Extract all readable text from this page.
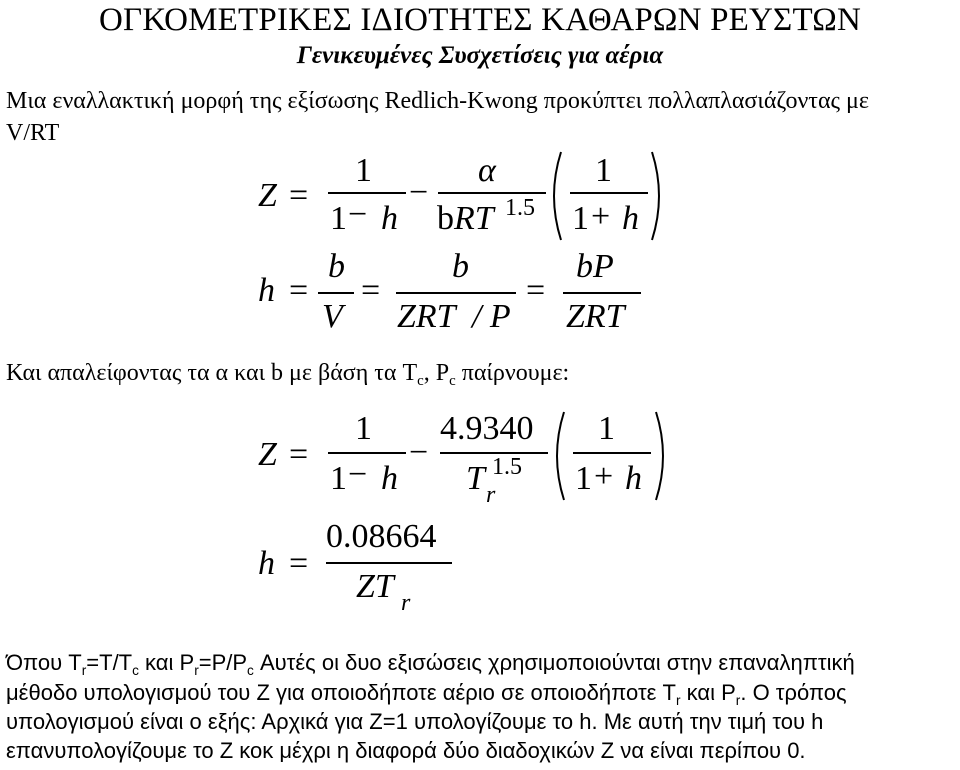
ΟΓΚΟΜΕΤΡΙΚΕΣ ΙΔΙΟΤΗΤΕΣ ΚΑΘΑΡΩΝ ΡΕΥΣΤΩΝ
Γενικευμένες Συσχετίσεις για αέρια
Μια εναλλακτική μορφή της εξίσωσης Redlich-Kwong προκύπτει πολλαπλασιάζοντας με
V/RT
Z =
1
1 − h
−
α
bRT 1.5
1
1 + h
h =
b
V
=
b
ZRT  / P
=
bP
ZRT
Και απαλείφοντας τα α και b με βάση τα $T_c$, $P_c$ παίρνουμε:
Z =
1
1 − h
−
4.9340
T r
1.5
1
1 + h
h =
0.08664
ZT r
Όπου $T_r=T/T_c$ και $P_r=P/P_c$ Αυτές οι δυο εξισώσεις χρησιμοποιούνται στην επαναληπτική
μέθοδο υπολογισμού του Z για οποιοδήποτε αέριο σε οποιοδήποτε $T_r$ και $P_r$. Ο τρόπος
υπολογισμού είναι ο εξής: Αρχικά για Z=1 υπολογίζουμε το h. Με αυτή την τιμή του h
επανυπολογίζουμε το Z κοκ μέχρι η διαφορά δύο διαδοχικών Z να είναι περίπου 0.
